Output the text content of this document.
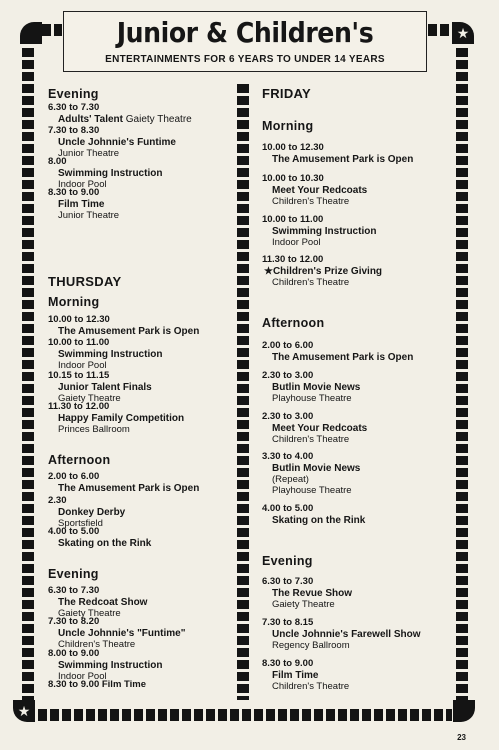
Junior & Children's
ENTERTAINMENTS FOR 6 YEARS TO UNDER 14 YEARS
★
★
Evening
6.30 to 7.30
Adults' Talent Gaiety Theatre
7.30 to 8.30
Uncle Johnnie's Funtime
Junior Theatre
8.00
Swimming Instruction
Indoor Pool
8.30 to 9.00
Film Time
Junior Theatre
THURSDAY
Morning
10.00 to 12.30
The Amusement Park is Open
10.00 to 11.00
Swimming Instruction
Indoor Pool
10.15 to 11.15
Junior Talent Finals
Gaiety Theatre
11.30 to 12.00
Happy Family Competition
Princes Ballroom
Afternoon
2.00 to 6.00
The Amusement Park is Open
2.30
Donkey Derby
Sportsfield
4.00 to 5.00
Skating on the Rink
Evening
6.30 to 7.30
The Redcoat Show
Gaiety Theatre
7.30 to 8.20
Uncle Johnnie's "Funtime"
Children's Theatre
8.00 to 9.00
Swimming Instruction
Indoor Pool
8.30 to 9.00 Film Time
FRIDAY
Morning
10.00 to 12.30
The Amusement Park is Open
10.00 to 10.30
Meet Your Redcoats
Children's Theatre
10.00 to 11.00
Swimming Instruction
Indoor Pool
11.30 to 12.00
★Children's Prize Giving
Children's Theatre
Afternoon
2.00 to 6.00
The Amusement Park is Open
2.30 to 3.00
Butlin Movie News
Playhouse Theatre
2.30 to 3.00
Meet Your Redcoats
Children's Theatre
3.30 to 4.00
Butlin Movie News
(Repeat)
Playhouse Theatre
4.00 to 5.00
Skating on the Rink
Evening
6.30 to 7.30
The Revue Show
Gaiety Theatre
7.30 to 8.15
Uncle Johnnie's Farewell Show
Regency Ballroom
8.30 to 9.00
Film Time
Children's Theatre
23
